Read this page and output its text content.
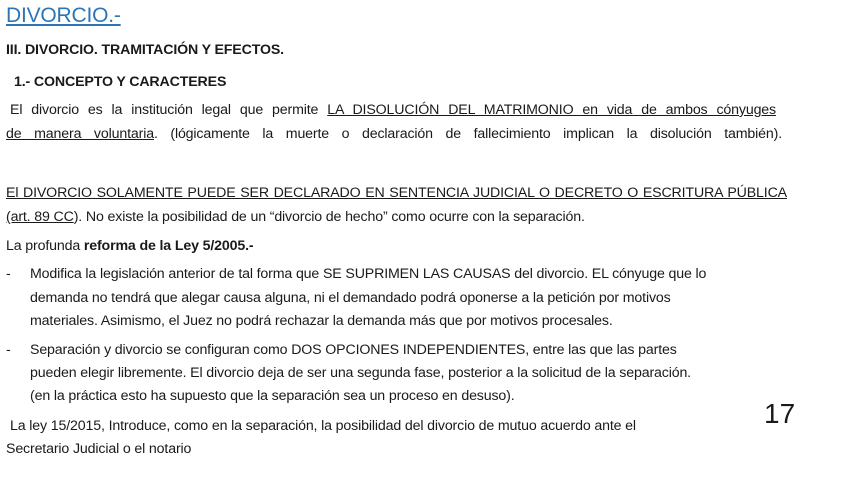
DIVORCIO.-

III. DIVORCIO. TRAMITACIÓN Y EFECTOS.

1.- CONCEPTO Y CARACTERES

El divorcio es la institución legal que permite LA DISOLUCIÓN DEL MATRIMONIO en vida de ambos cónyuges

de manera voluntaria. (lógicamente la muerte o declaración de fallecimiento implican la disolución también).

El DIVORCIO SOLAMENTE PUEDE SER DECLARADO EN SENTENCIA JUDICIAL O DECRETO O ESCRITURA PÚBLICA

(art. 89 CC). No existe la posibilidad de un “divorcio de hecho” como ocurre con la separación.

La profunda reforma de la Ley 5/2005.-

- Modifica la legislación anterior de tal forma que SE SUPRIMEN LAS CAUSAS del divorcio. EL cónyuge que lo

demanda no tendrá que alegar causa alguna, ni el demandado podrá oponerse a la petición por motivos

materiales. Asimismo, el Juez no podrá rechazar la demanda más que por motivos procesales.

- Separación y divorcio se configuran como DOS OPCIONES INDEPENDIENTES, entre las que las partes

pueden elegir libremente. El divorcio deja de ser una segunda fase, posterior a la solicitud de la separación.

(en la práctica esto ha supuesto que la separación sea un proceso en desuso).

La ley 15/2015, Introduce, como en la separación, la posibilidad del divorcio de mutuo acuerdo ante el

Secretario Judicial o el notario

17
